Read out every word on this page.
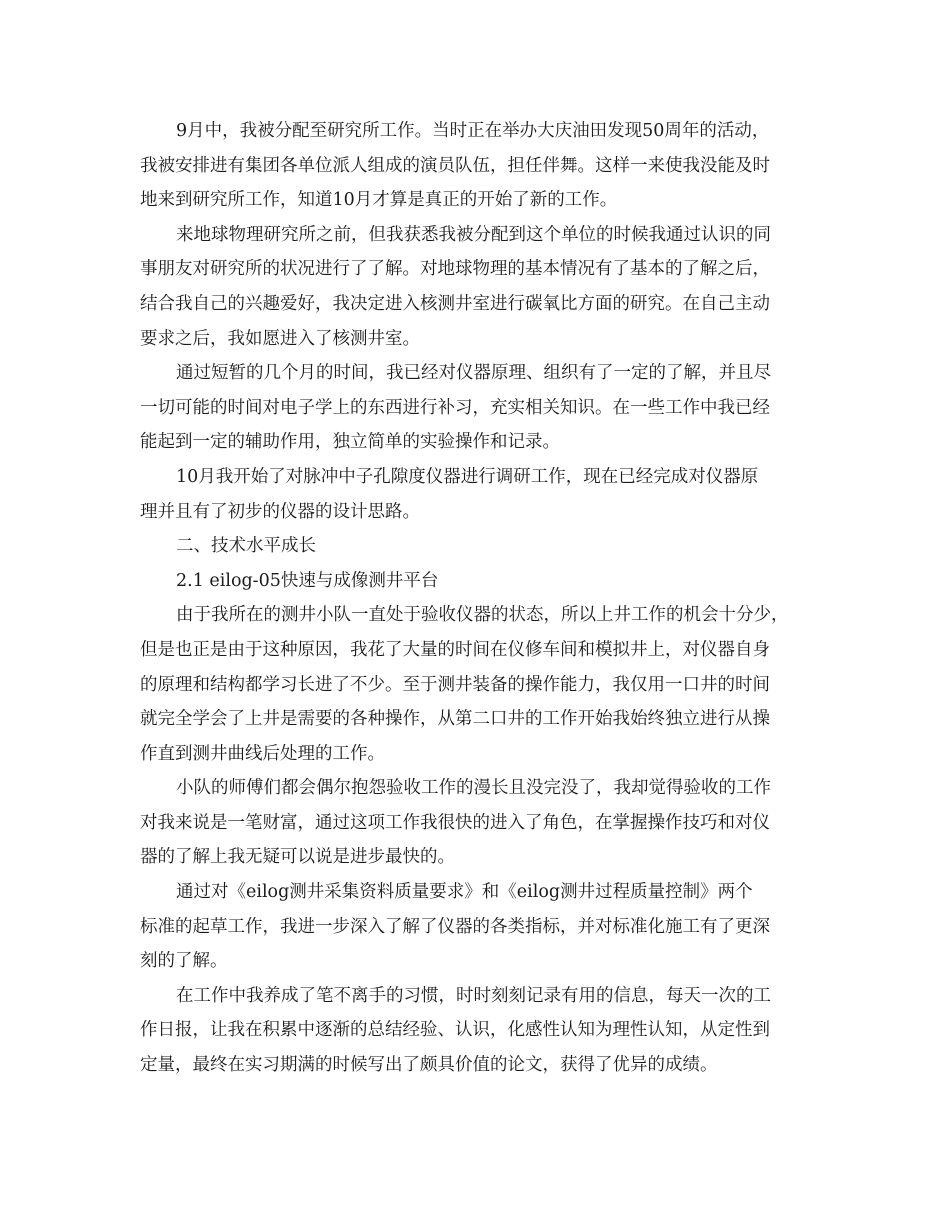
9月中，我被分配至研究所工作。当时正在举办大庆油田发现50周年的活动，
我被安排进有集团各单位派人组成的演员队伍，担任伴舞。这样一来使我没能及时
地来到研究所工作，知道10月才算是真正的开始了新的工作。
来地球物理研究所之前，但我获悉我被分配到这个单位的时候我通过认识的同
事朋友对研究所的状况进行了了解。对地球物理的基本情况有了基本的了解之后，
结合我自己的兴趣爱好，我决定进入核测井室进行碳氧比方面的研究。在自己主动
要求之后，我如愿进入了核测井室。
通过短暂的几个月的时间，我已经对仪器原理、组织有了一定的了解，并且尽
一切可能的时间对电子学上的东西进行补习，充实相关知识。在一些工作中我已经
能起到一定的辅助作用，独立简单的实验操作和记录。
10月我开始了对脉冲中子孔隙度仪器进行调研工作，现在已经完成对仪器原
理并且有了初步的仪器的设计思路。
二、技术水平成长
2.1 eilog-05快速与成像测井平台
由于我所在的测井小队一直处于验收仪器的状态，所以上井工作的机会十分少，
但是也正是由于这种原因，我花了大量的时间在仪修车间和模拟井上，对仪器自身
的原理和结构都学习长进了不少。至于测井装备的操作能力，我仅用一口井的时间
就完全学会了上井是需要的各种操作，从第二口井的工作开始我始终独立进行从操
作直到测井曲线后处理的工作。
小队的师傅们都会偶尔抱怨验收工作的漫长且没完没了，我却觉得验收的工作
对我来说是一笔财富，通过这项工作我很快的进入了角色，在掌握操作技巧和对仪
器的了解上我无疑可以说是进步最快的。
通过对《eilog测井采集资料质量要求》和《eilog测井过程质量控制》两个
标准的起草工作，我进一步深入了解了仪器的各类指标，并对标准化施工有了更深
刻的了解。
在工作中我养成了笔不离手的习惯，时时刻刻记录有用的信息，每天一次的工
作日报，让我在积累中逐渐的总结经验、认识，化感性认知为理性认知，从定性到
定量，最终在实习期满的时候写出了颇具价值的论文，获得了优异的成绩。
